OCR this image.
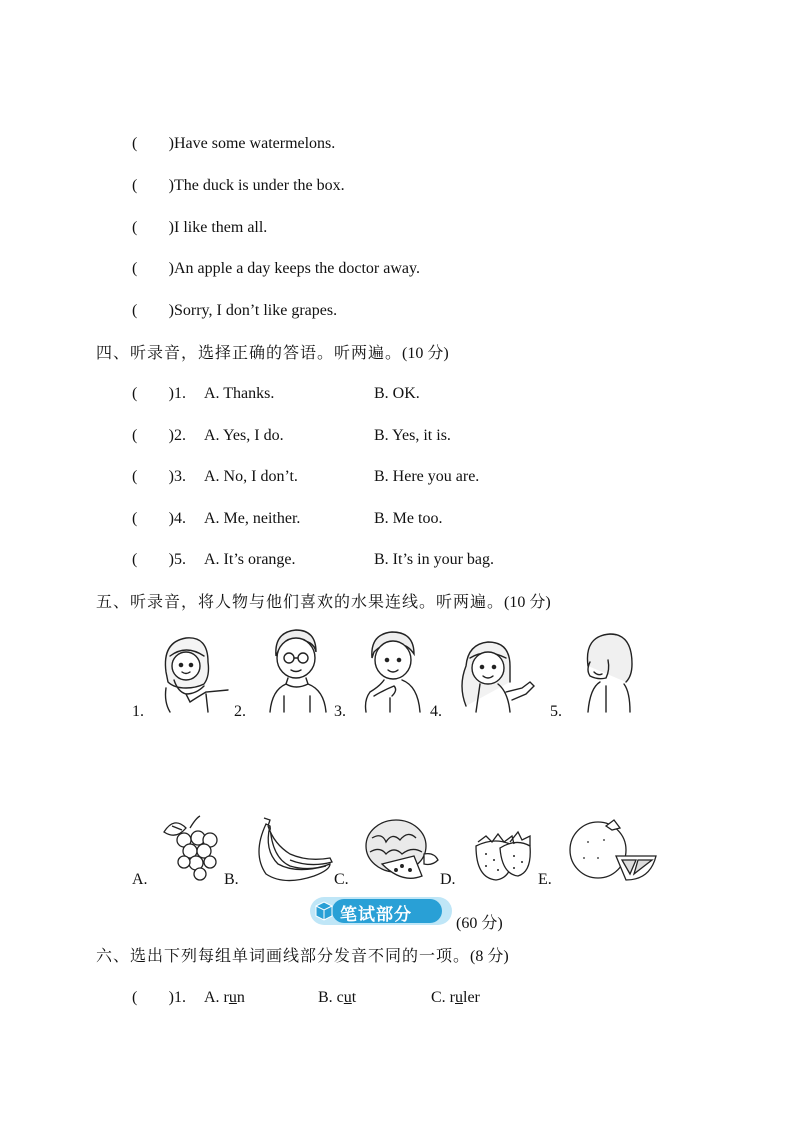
( ) Have some watermelons.
( ) The duck is under the box.
( ) I like them all.
( ) An apple a day keeps the doctor away.
( ) Sorry, I don’t like grapes.
四、听录音，选择正确的答语。听两遍。(10 分)
( ) 1. A. Thanks.	B. OK.
( ) 2. A. Yes, I do.	B. Yes, it is.
( ) 3. A. No, I don’t.	B. Here you are.
( ) 4. A. Me, neither.	B. Me too.
( ) 5. A. It’s orange.	B. It’s in your bag.
五、听录音，将人物与他们喜欢的水果连线。听两遍。(10 分)
1.	2.	3.	4.	5.
A.	B.	C.	D.	E.
笔试部分	(60 分)
六、选出下列每组单词画线部分发音不同的一项。(8 分)
( ) 1. A. run	B. cut	C. ruler
